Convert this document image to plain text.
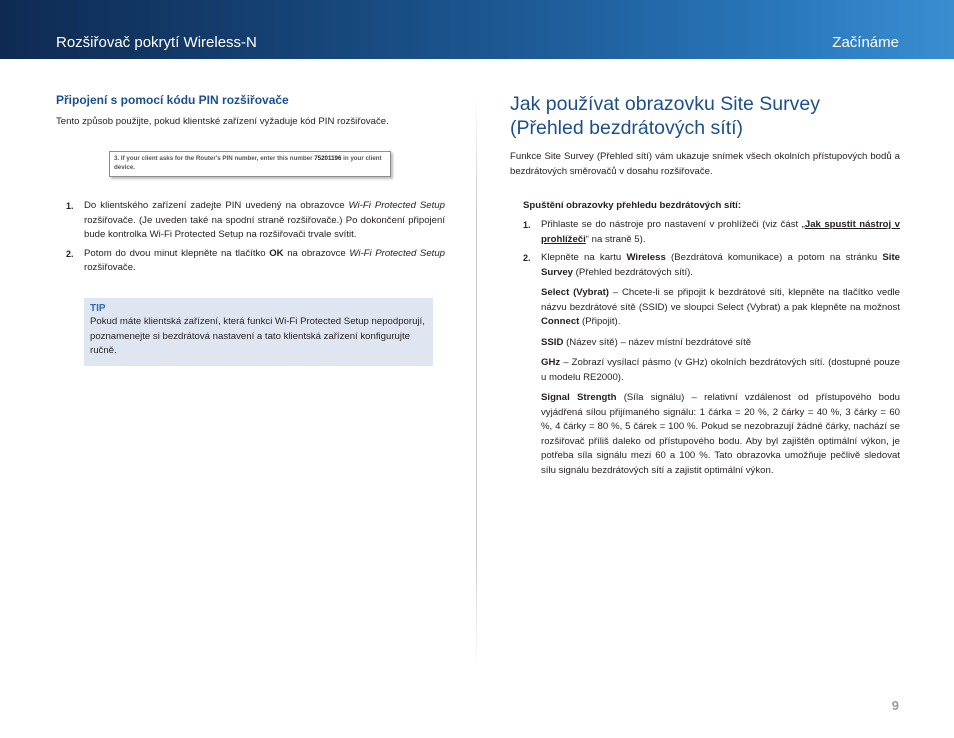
Rozšiřovač pokrytí Wireless-N	Začínáme
Připojení s pomocí kódu PIN rozšiřovače
Tento způsob použijte, pokud klientské zařízení vyžaduje kód PIN rozšiřovače.
3. If your client asks for the Router's PIN number, enter this number 75201196 in your client device.
1. Do klientského zařízení zadejte PIN uvedený na obrazovce Wi-Fi Protected Setup rozšiřovače. (Je uveden také na spodní straně rozšiřovače.) Po dokončení připojení bude kontrolka Wi-Fi Protected Setup na rozšiřovači trvale svítit.
2. Potom do dvou minut klepněte na tlačítko OK na obrazovce Wi-Fi Protected Setup rozšiřovače.
TIP
Pokud máte klientská zařízení, která funkci Wi-Fi Protected Setup nepodporují, poznamenejte si bezdrátová nastavení a tato klientská zařízení konfigurujte ručně.
Jak používat obrazovku Site Survey
(Přehled bezdrátových sítí)
Funkce Site Survey (Přehled sítí) vám ukazuje snímek všech okolních přístupových bodů a bezdrátových směrovačů v dosahu rozšiřovače.
Spuštění obrazovky přehledu bezdrátových sítí:
1. Přihlaste se do nástroje pro nastavení v prohlížeči (viz část „Jak spustit nástroj v prohlížeči“ na straně 5).
2. Klepněte na kartu Wireless (Bezdrátová komunikace) a potom na stránku Site Survey (Přehled bezdrátových sítí).
Select (Vybrat) – Chcete-li se připojit k bezdrátové síti, klepněte na tlačítko vedle názvu bezdrátové sítě (SSID) ve sloupci Select (Vybrat) a pak klepněte na možnost Connect (Připojit).
SSID (Název sítě) – název místní bezdrátové sítě
GHz – Zobrazí vysílací pásmo (v GHz) okolních bezdrátových sítí. (dostupné pouze u modelu RE2000).
Signal Strength (Síla signálu) – relativní vzdálenost od přístupového bodu vyjádřená sílou přijímaného signálu: 1 čárka = 20 %, 2 čárky = 40 %, 3 čárky = 60 %, 4 čárky = 80 %, 5 čárek = 100 %. Pokud se nezobrazují žádné čárky, nachází se rozšiřovač příliš daleko od přístupového bodu. Aby byl zajištěn optimální výkon, je potřeba síla signálu mezi 60 a 100 %. Tato obrazovka umožňuje pečlivě sledovat sílu signálu bezdrátových sítí a zajistit optimální výkon.
9
